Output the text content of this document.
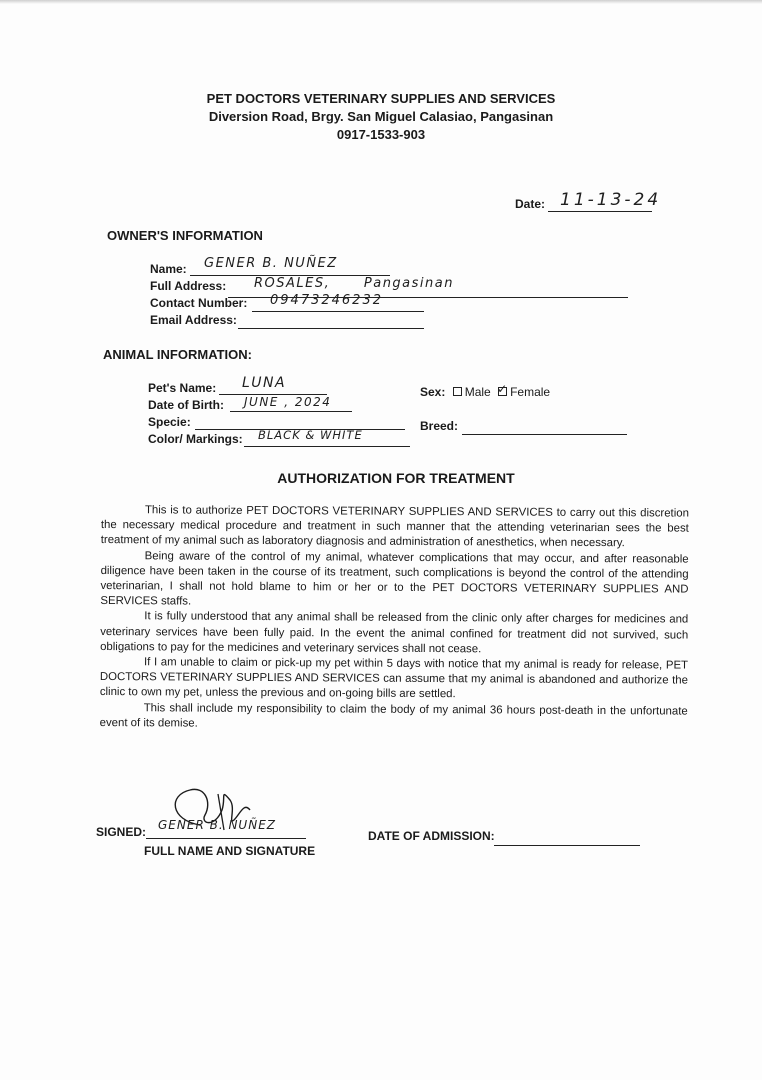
PET DOCTORS VETERINARY SUPPLIES AND SERVICES
Diversion Road, Brgy. San Miguel Calasiao, Pangasinan
0917-1533-903
Date: 11-13-24
OWNER'S INFORMATION
Name: GENER B. NUÑEZ
Full Address: ROSALES, Pangasinan
Contact Number: 09473246232
Email Address:
ANIMAL INFORMATION:
Pet's Name: LUNA
Date of Birth: JUNE , 2024
Specie:
Color/ Markings: BLACK & WHITE
Sex: Male ✓ Female
Breed:
AUTHORIZATION FOR TREATMENT

This is to authorize PET DOCTORS VETERINARY SUPPLIES AND SERVICES to carry out this discretion the necessary medical procedure and treatment in such manner that the attending veterinarian sees the best treatment of my animal such as laboratory diagnosis and administration of anesthetics, when necessary.

Being aware of the control of my animal, whatever complications that may occur, and after reasonable diligence have been taken in the course of its treatment, such complications is beyond the control of the attending veterinarian, I shall not hold blame to him or her or to the PET DOCTORS VETERINARY SUPPLIES AND SERVICES staffs.

It is fully understood that any animal shall be released from the clinic only after charges for medicines and veterinary services have been fully paid. In the event the animal confined for treatment did not survived, such obligations to pay for the medicines and veterinary services shall not cease.

If I am unable to claim or pick-up my pet within 5 days with notice that my animal is ready for release, PET DOCTORS VETERINARY SUPPLIES AND SERVICES can assume that my animal is abandoned and authorize the clinic to own my pet, unless the previous and on-going bills are settled.

This shall include my responsibility to claim the body of my animal 36 hours post-death in the unfortunate event of its demise.

SIGNED: GENER B. NUÑEZ
FULL NAME AND SIGNATURE
DATE OF ADMISSION:
